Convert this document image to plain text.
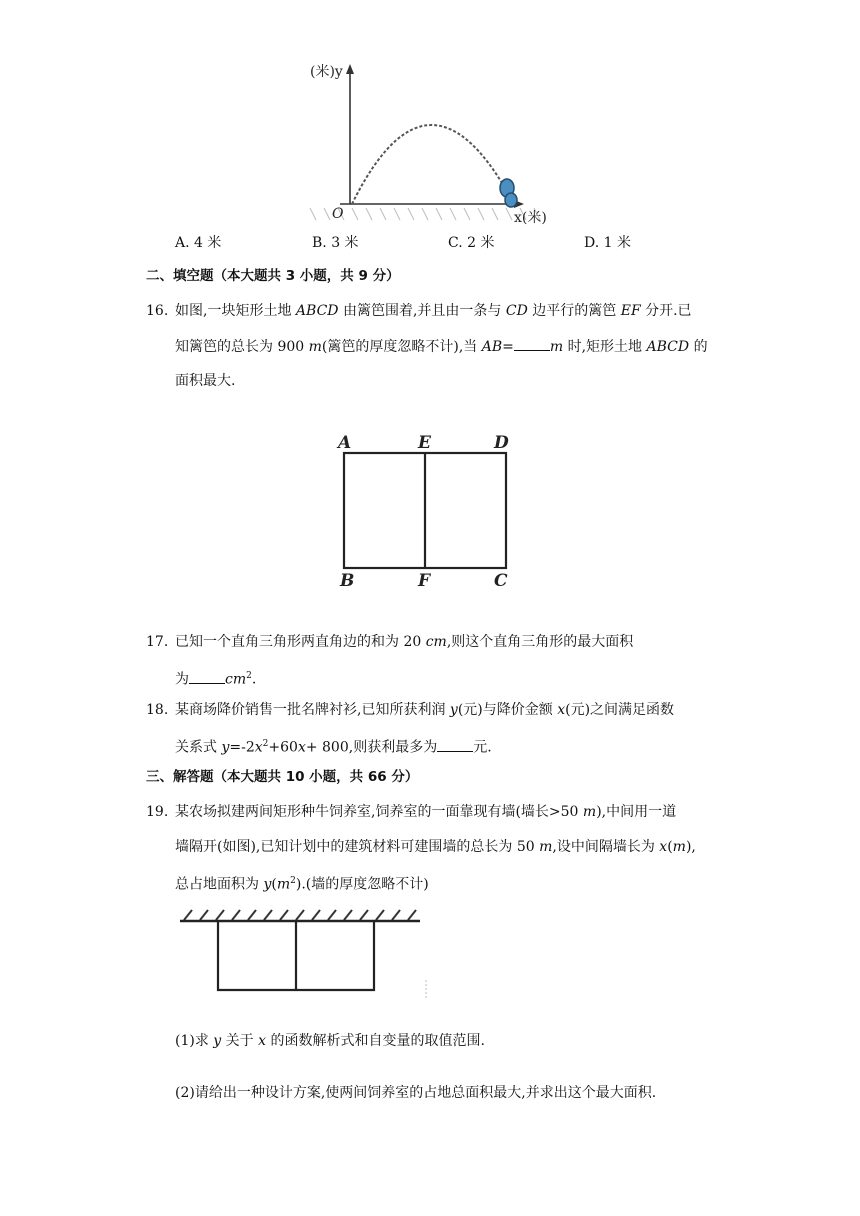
(米)y
O	x(米)
A. 4 米	B. 3 米	C. 2 米	D. 1 米
二、填空题（本大题共 3 小题，共 9 分）
16. 如图,一块矩形土地 ABCD 由篱笆围着,并且由一条与 CD 边平行的篱笆 EF 分开.已
知篱笆的总长为 900 m(篱笆的厚度忽略不计),当 AB=	m 时,矩形土地 ABCD 的
面积最大.
A	E	D
B	F	C
17. 已知一个直角三角形两直角边的和为 20 cm,则这个直角三角形的最大面积
为	$cm^2$.
18. 某商场降价销售一批名牌衬衫,已知所获利润 y(元)与降价金额 x(元)之间满足函数
关系式 $y=-2x^2+60x+ 800$,则获利最多为	元.
三、解答题（本大题共 10 小题，共 66 分）
19. 某农场拟建两间矩形种牛饲养室,饲养室的一面靠现有墙(墙长>50 m),中间用一道
墙隔开(如图),已知计划中的建筑材料可建围墙的总长为 50 m,设中间隔墙长为 x(m),
总占地面积为 $y(m^2)$.(墙的厚度忽略不计)
(1)求 y 关于 x 的函数解析式和自变量的取值范围.
(2)请给出一种设计方案,使两间饲养室的占地总面积最大,并求出这个最大面积.
